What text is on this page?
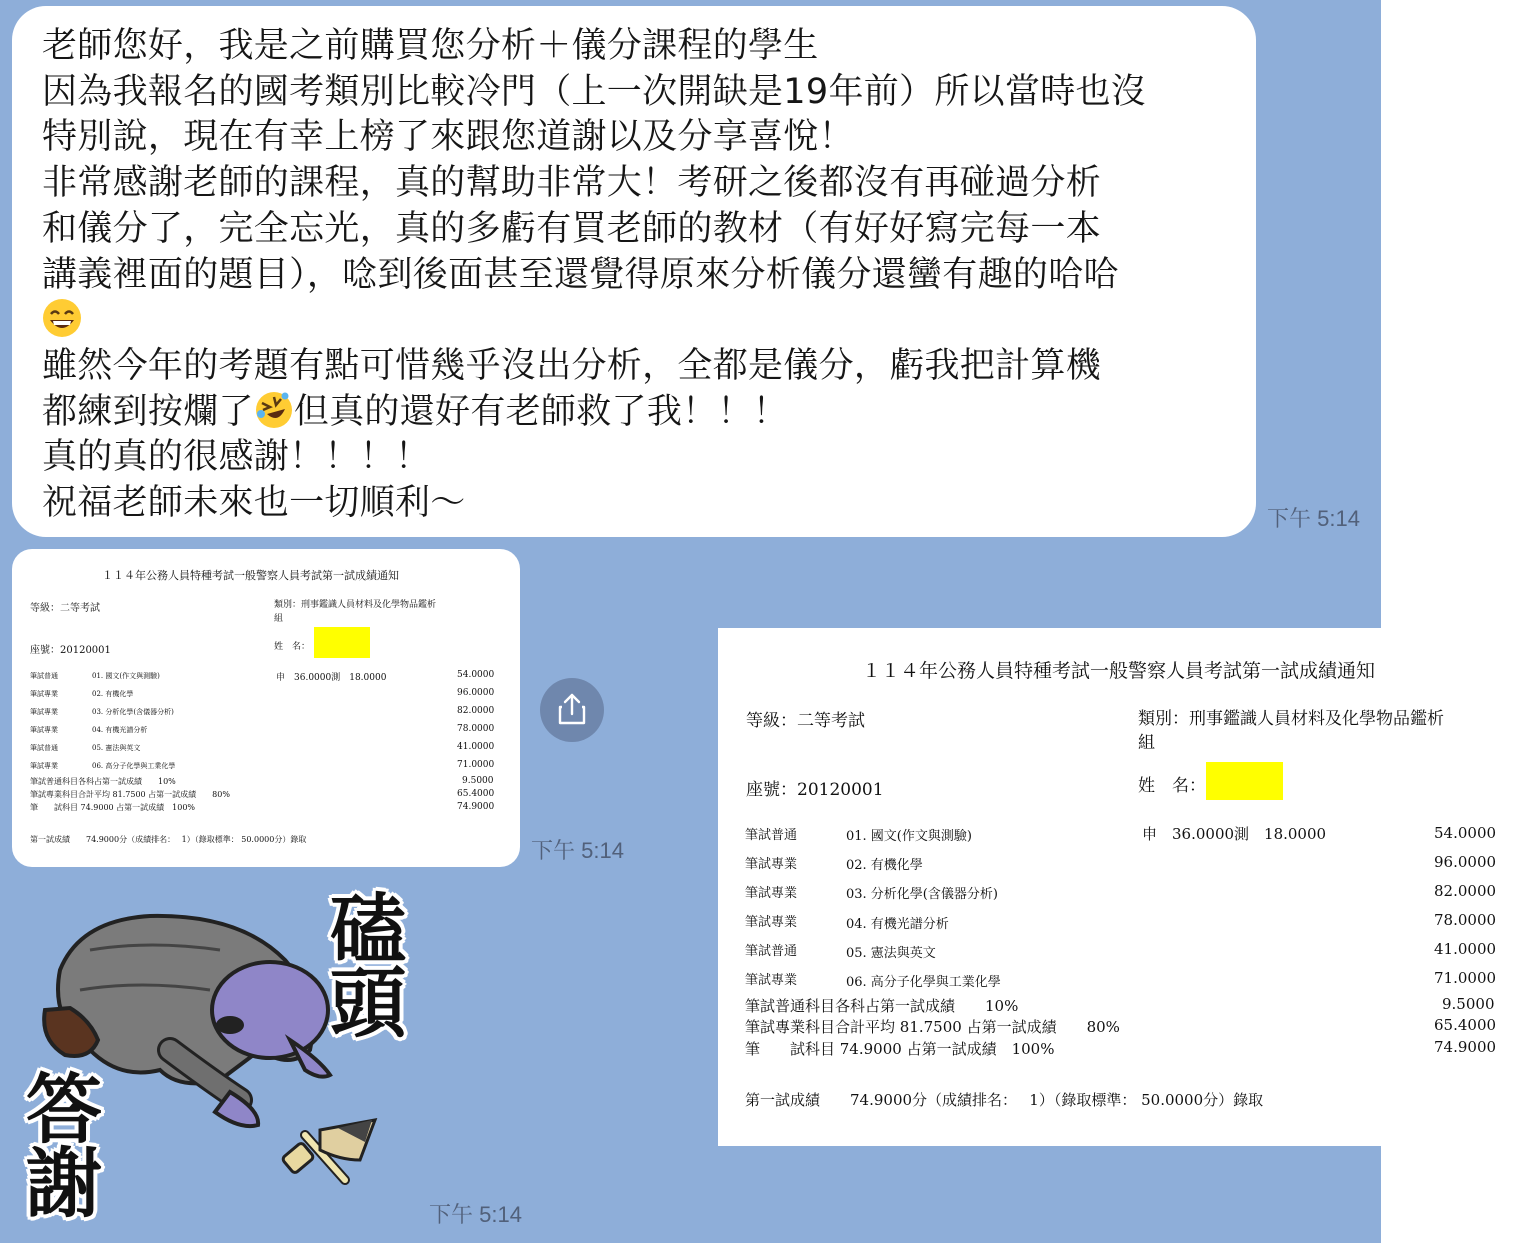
老師您好，我是之前購買您分析＋儀分課程的學生
因為我報名的國考類別比較冷門（上一次開缺是19年前）所以當時也沒
特別說，現在有幸上榜了來跟您道謝以及分享喜悅！
非常感謝老師的課程，真的幫助非常大！考研之後都沒有再碰過分析
和儀分了，完全忘光，真的多虧有買老師的教材（有好好寫完每一本
講義裡面的題目），唸到後面甚至還覺得原來分析儀分還蠻有趣的哈哈
雖然今年的考題有點可惜幾乎沒出分析，全都是儀分，虧我把計算機
都練到按爛了 但真的還好有老師救了我！！！
真的真的很感謝！！！！
祝福老師未來也一切順利～	下午 5:14
１１４年公務人員特種考試一般警察人員考試第一試成績通知
等級：二等考試	類別：刑事鑑識人員材料及化學物品鑑析
組
座號：20120001	姓　名：
筆試普通	01. 國文(作文與測驗)	申　36.0000測　18.0000	54.0000
筆試專業	02. 有機化學	96.0000
筆試專業	03. 分析化學(含儀器分析)	82.0000
筆試專業	04. 有機光譜分析	78.0000
筆試普通	05. 憲法與英文	41.0000
筆試專業	06. 高分子化學與工業化學	71.0000
筆試普通科目各科占第一試成績　　10%	9.5000
筆試專業科目合計平均 81.7500 占第一試成績　　80%	65.4000
筆　　試科目 74.9000 占第一試成績　100%	74.9000
第一試成績　　74.9000分（成績排名：　 1）（錄取標準： 50.0000分）錄取	下午 5:14
磕
頭
答
謝	下午 5:14
１１４年公務人員特種考試一般警察人員考試第一試成績通知
等級：二等考試	類別：刑事鑑識人員材料及化學物品鑑析
組
座號：20120001	姓　名：
筆試普通	01. 國文(作文與測驗)	申　36.0000測　18.0000	54.0000
筆試專業	02. 有機化學	96.0000
筆試專業	03. 分析化學(含儀器分析)	82.0000
筆試專業	04. 有機光譜分析	78.0000
筆試普通	05. 憲法與英文	41.0000
筆試專業	06. 高分子化學與工業化學	71.0000
筆試普通科目各科占第一試成績　　10%	9.5000
筆試專業科目合計平均 81.7500 占第一試成績　　80%	65.4000
筆　　試科目 74.9000 占第一試成績　100%	74.9000
第一試成績　　74.9000分（成績排名：　 1）（錄取標準： 50.0000分）錄取
